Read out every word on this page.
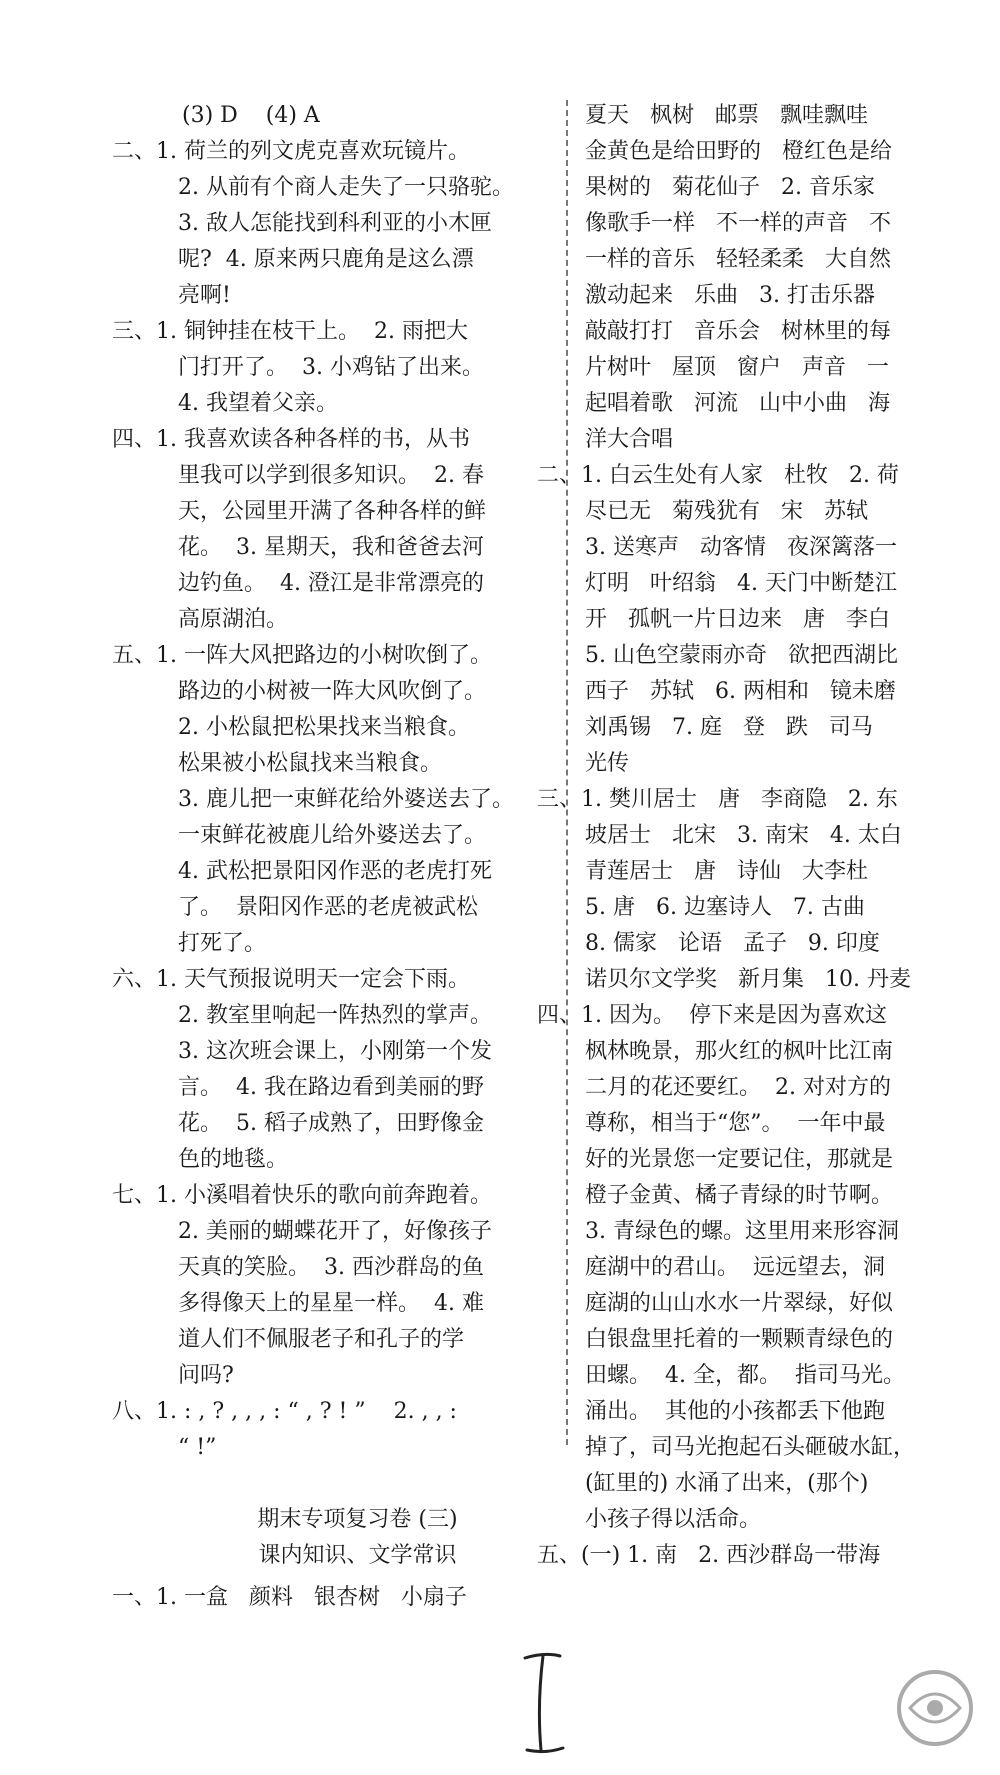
(3) D    (4) A
二、1. 荷兰的列文虎克喜欢玩镜片。
2. 从前有个商人走失了一只骆驼。
3. 敌人怎能找到科利亚的小木匣
呢?  4. 原来两只鹿角是这么漂
亮啊!
三、1. 铜钟挂在枝干上。  2. 雨把大
门打开了。  3. 小鸡钻了出来。
4. 我望着父亲。
四、1. 我喜欢读各种各样的书，从书
里我可以学到很多知识。  2. 春
天，公园里开满了各种各样的鲜
花。  3. 星期天，我和爸爸去河
边钓鱼。  4. 澄江是非常漂亮的
高原湖泊。
五、1. 一阵大风把路边的小树吹倒了。
路边的小树被一阵大风吹倒了。
2. 小松鼠把松果找来当粮食。
松果被小松鼠找来当粮食。
3. 鹿儿把一束鲜花给外婆送去了。
一束鲜花被鹿儿给外婆送去了。
4. 武松把景阳冈作恶的老虎打死
了。  景阳冈作恶的老虎被武松
打死了。
六、1. 天气预报说明天一定会下雨。
2. 教室里响起一阵热烈的掌声。
3. 这次班会课上，小刚第一个发
言。  4. 我在路边看到美丽的野
花。  5. 稻子成熟了，田野像金
色的地毯。
七、1. 小溪唱着快乐的歌向前奔跑着。
2. 美丽的蝴蝶花开了，好像孩子
天真的笑脸。  3. 西沙群岛的鱼
多得像天上的星星一样。  4. 难
道人们不佩服老子和孔子的学
问吗?
八、1. : , ? , , , : “ , ? ! ”    2. , , :
“ !”
期末专项复习卷 (三)
课内知识、文学常识
一、1. 一盒   颜料   银杏树   小扇子
夏天   枫树   邮票   飘哇飘哇
金黄色是给田野的   橙红色是给
果树的   菊花仙子   2. 音乐家
像歌手一样   不一样的声音   不
一样的音乐   轻轻柔柔   大自然
激动起来   乐曲   3. 打击乐器
敲敲打打   音乐会   树林里的每
片树叶   屋顶   窗户   声音   一
起唱着歌   河流   山中小曲   海
洋大合唱
二、1. 白云生处有人家   杜牧   2. 荷
尽已无   菊残犹有   宋   苏轼
3. 送寒声   动客情   夜深篱落一
灯明   叶绍翁   4. 天门中断楚江
开   孤帆一片日边来   唐   李白
5. 山色空蒙雨亦奇   欲把西湖比
西子   苏轼   6. 两相和   镜未磨
刘禹锡   7. 庭   登   跌   司马
光传
三、1. 樊川居士   唐   李商隐   2. 东
坡居士   北宋   3. 南宋   4. 太白
青莲居士   唐   诗仙   大李杜
5. 唐   6. 边塞诗人   7. 古曲
8. 儒家   论语   孟子   9. 印度
诺贝尔文学奖   新月集   10. 丹麦
四、1. 因为。  停下来是因为喜欢这
枫林晚景，那火红的枫叶比江南
二月的花还要红。  2. 对对方的
尊称，相当于“您”。  一年中最
好的光景您一定要记住，那就是
橙子金黄、橘子青绿的时节啊。
3. 青绿色的螺。这里用来形容洞
庭湖中的君山。  远远望去，洞
庭湖的山山水水一片翠绿，好似
白银盘里托着的一颗颗青绿色的
田螺。  4. 全，都。  指司马光。
涌出。  其他的小孩都丢下他跑
掉了，司马光抱起石头砸破水缸，
(缸里的) 水涌了出来，(那个)
小孩子得以活命。
五、(一) 1. 南   2. 西沙群岛一带海
